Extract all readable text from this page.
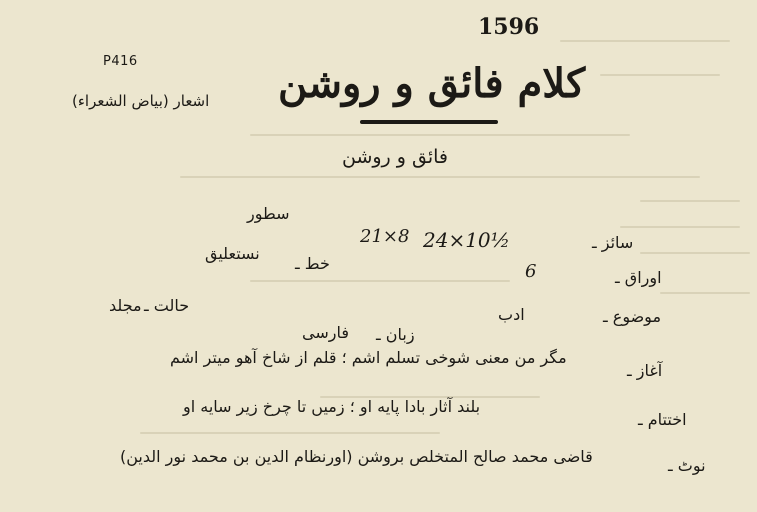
1596
P416
اشعار (بیاض الشعراء) کلام فائق و روشن
فائق و روشن
سائز ـ
24×10½
21×8
سطور
اوراق ـ
6
خط ـ
نستعلیق
موضوع ـ
ادب
زبان ـ
فارسی
حالت ـ
مجلد
آغاز ـ
مگر من معنی شوخی تسلم اشم ؛ قلم از شاخ آهو میتر اشم
اختتام ـ
بلند آثار بادا پایه او ؛ زمیں تا چرخ زیر سایه او
نوٹ ـ
قاضی محمد صالح المتخلص بروشن (اورنظام الدین بن محمد نور الدین)
